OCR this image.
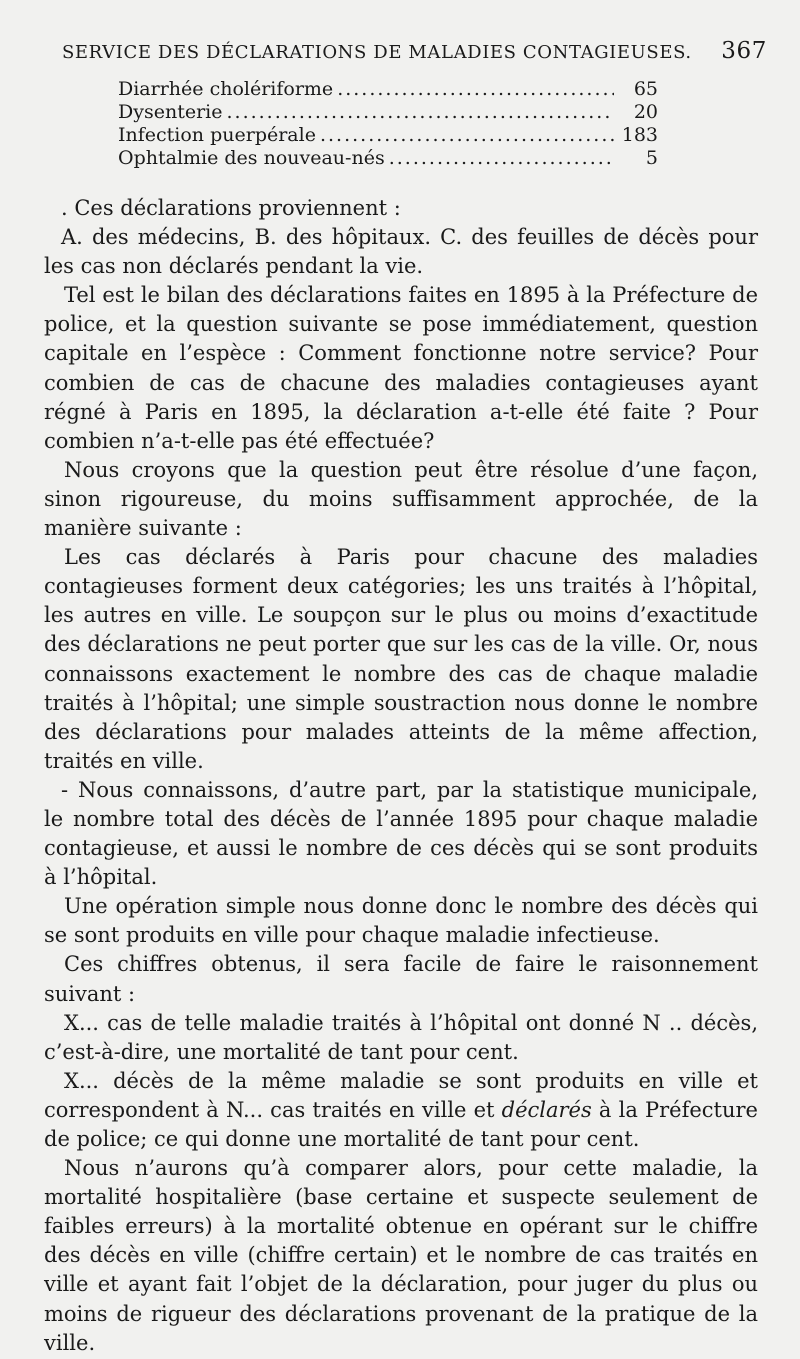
SERVICE DES DÉCLARATIONS DE MALADIES CONTAGIEUSES. 367
Diarrhée cholériforme .....	65
Dysenterie .....	20
Infection puerpérale .....	183
Ophtalmie des nouveau-nés .....	5

. Ces déclarations proviennent :

A. des médecins, B. des hôpitaux. C. des feuilles de décès pour les cas non déclarés pendant la vie.

Tel est le bilan des déclarations faites en 1895 à la Préfecture de police, et la question suivante se pose immédiatement, question capitale en l’espèce : Comment fonctionne notre service? Pour combien de cas de chacune des maladies contagieuses ayant régné à Paris en 1895, la déclaration a-t-elle été faite ? Pour combien n’a-t-elle pas été effectuée?

Nous croyons que la question peut être résolue d’une façon, sinon rigoureuse, du moins suffisamment approchée, de la manière suivante :

Les cas déclarés à Paris pour chacune des maladies contagieuses forment deux catégories; les uns traités à l’hôpital, les autres en ville. Le soupçon sur le plus ou moins d’exactitude des déclarations ne peut porter que sur les cas de la ville. Or, nous connaissons exactement le nombre des cas de chaque maladie traités à l’hôpital; une simple soustraction nous donne le nombre des déclarations pour malades atteints de la même affection, traités en ville.

- Nous connaissons, d’autre part, par la statistique municipale, le nombre total des décès de l’année 1895 pour chaque maladie contagieuse, et aussi le nombre de ces décès qui se sont produits à l’hôpital.

Une opération simple nous donne donc le nombre des décès qui se sont produits en ville pour chaque maladie infectieuse.

Ces chiffres obtenus, il sera facile de faire le raisonnement suivant :

X... cas de telle maladie traités à l’hôpital ont donné N .. décès, c’est-à-dire, une mortalité de tant pour cent.

X... décès de la même maladie se sont produits en ville et correspondent à N... cas traités en ville et déclarés à la Préfecture de police; ce qui donne une mortalité de tant pour cent.

Nous n’aurons qu’à comparer alors, pour cette maladie, la mortalité hospitalière (base certaine et suspecte seulement de faibles erreurs) à la mortalité obtenue en opérant sur le chiffre des décès en ville (chiffre certain) et le nombre de cas traités en ville et ayant fait l’objet de la déclaration, pour juger du plus ou moins de rigueur des déclarations provenant de la pratique de la ville.
